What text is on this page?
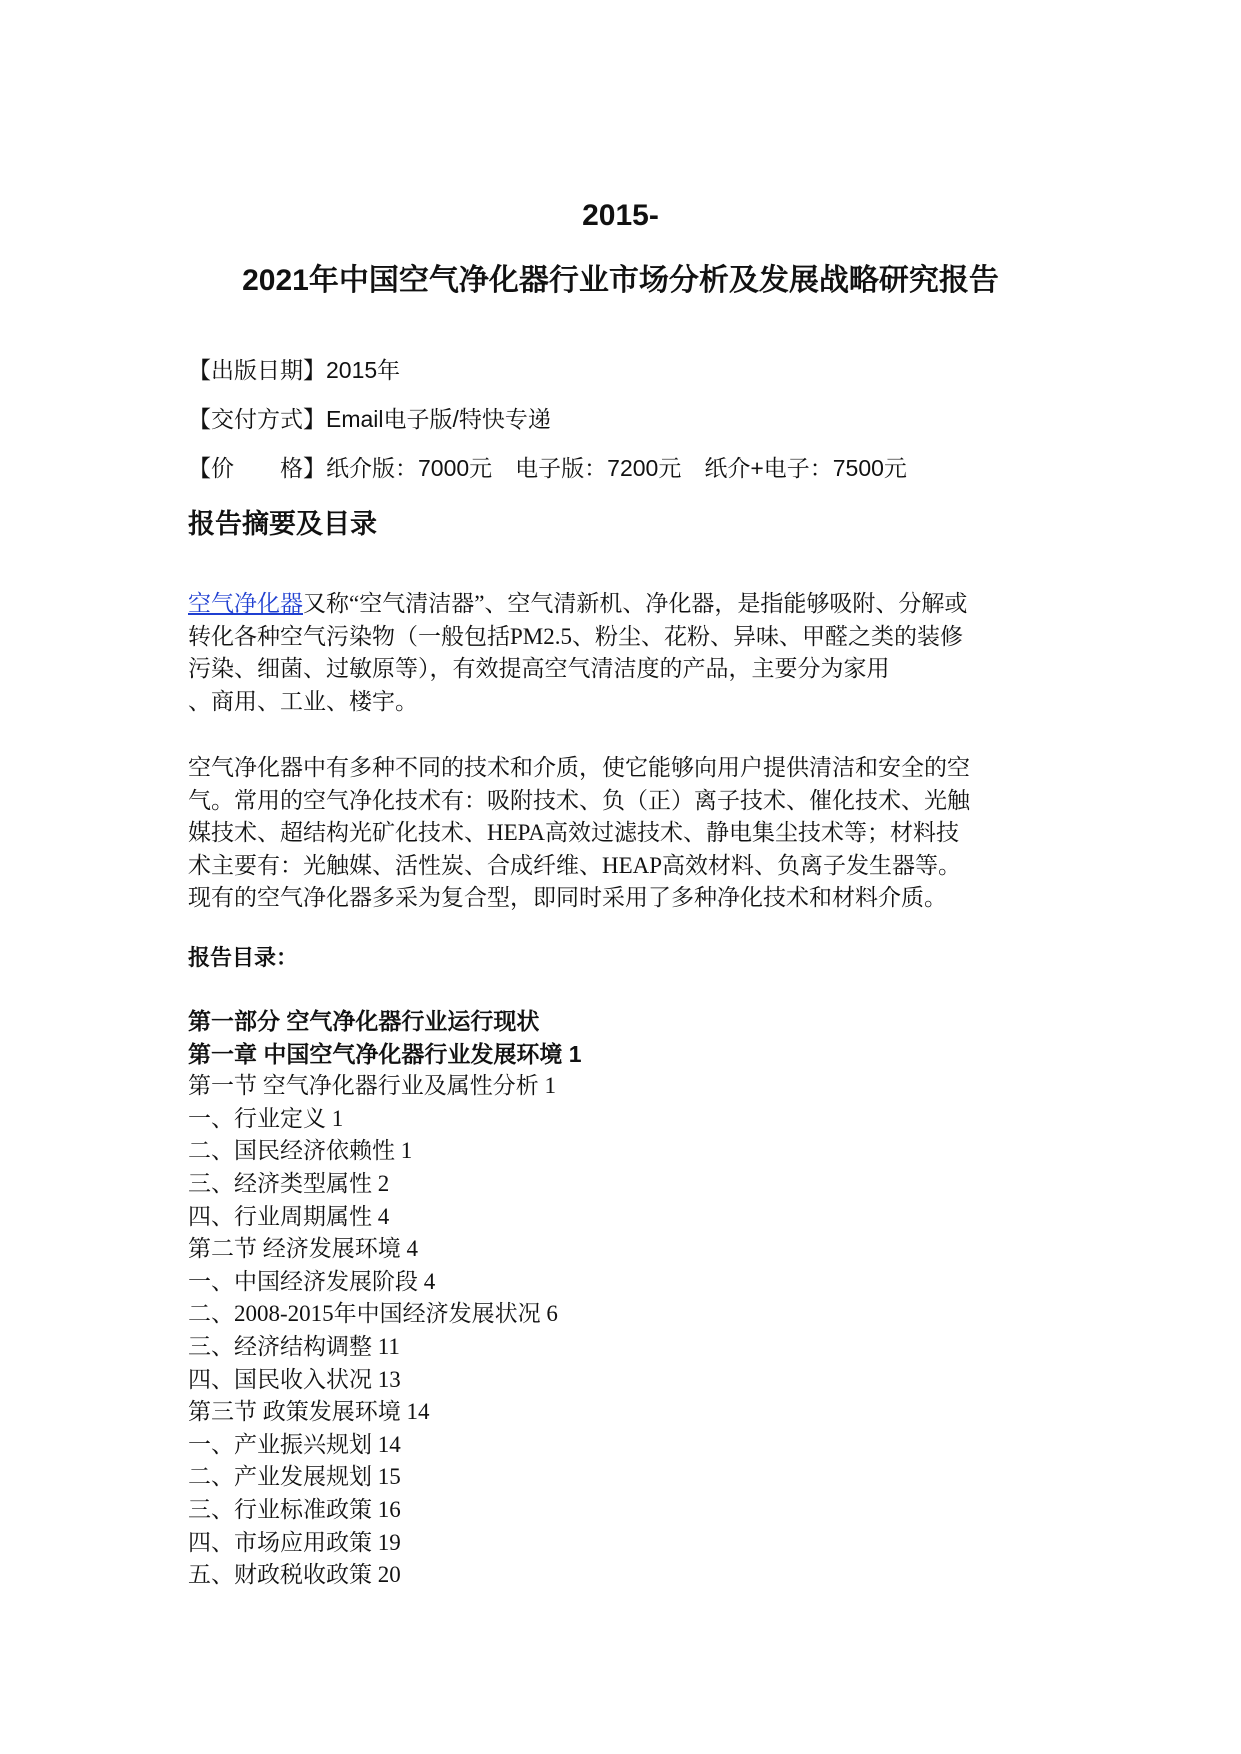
2015-
2021年中国空气净化器行业市场分析及发展战略研究报告
【出版日期】2015年
【交付方式】Email电子版/特快专递
【价　　格】纸介版：7000元　电子版：7200元　纸介+电子：7500元
报告摘要及目录
空气净化器又称“空气清洁器”、空气清新机、净化器，是指能够吸附、分解或
转化各种空气污染物（一般包括PM2.5、粉尘、花粉、异味、甲醛之类的装修
污染、细菌、过敏原等），有效提高空气清洁度的产品，主要分为家用
、商用、工业、楼宇。
空气净化器中有多种不同的技术和介质，使它能够向用户提供清洁和安全的空
气。常用的空气净化技术有：吸附技术、负（正）离子技术、催化技术、光触
媒技术、超结构光矿化技术、HEPA高效过滤技术、静电集尘技术等；材料技
术主要有：光触媒、活性炭、合成纤维、HEAP高效材料、负离子发生器等。
现有的空气净化器多采为复合型，即同时采用了多种净化技术和材料介质。
报告目录：
第一部分 空气净化器行业运行现状
第一章 中国空气净化器行业发展环境 1
第一节 空气净化器行业及属性分析 1
一、行业定义 1
二、国民经济依赖性 1
三、经济类型属性 2
四、行业周期属性 4
第二节 经济发展环境 4
一、中国经济发展阶段 4
二、2008-2015年中国经济发展状况 6
三、经济结构调整 11
四、国民收入状况 13
第三节 政策发展环境 14
一、产业振兴规划 14
二、产业发展规划 15
三、行业标准政策 16
四、市场应用政策 19
五、财政税收政策 20
